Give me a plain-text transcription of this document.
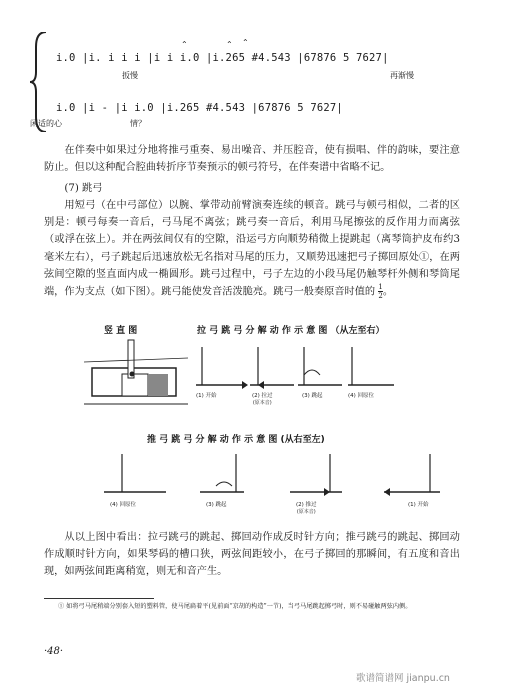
i.0 |i. i i i |i i i.0 |i.265 #4.543 |67876 5 7627|
⌃	⌃ ⌃
扳慢	再渐慢
i.0 |i - |i i.0 |i.265 #4.543 |67876 5 7627|
闲适的心	情？
在伴奏中如果过分地将推弓重奏、易出噪音、并压腔音，使有损唱、伴的韵味，要注意防止。但以这种配合腔曲转折序节奏预示的顿弓符号，在伴奏谱中省略不记。
(7) 跳弓
用短弓（在中弓部位）以腕、掌带动前臂演奏连续的顿音。跳弓与顿弓相似，二者的区别是：顿弓每奏一音后，弓马尾不离弦；跳弓奏一音后，利用马尾擦弦的反作用力而离弦（或浮在弦上）。并在两弦间仅有的空隙，沿运弓方向顺势稍微上提跳起（离琴筒护皮布约3毫米左右），弓子跳起后迅速放松无名指对马尾的压力，又顺势迅速把弓子掷回原处①，在两弦间空隙的竖直面内成一椭圆形。跳弓过程中，弓子左边的小段马尾仍触琴杆外侧和琴筒尾端，作为支点（如下图）。跳弓能使发音活泼脆亮。跳弓一般奏原音时值的 $\frac{1}{2}$ 。
竖 直 图	拉 弓 跳 弓 分 解 动 作 示 意 图 （从左至右）
(1) 开始	(2) 拉过
(原本音)
(3) 跳起	(4) 回原位
推 弓 跳 弓 分 解 动 作 示 意 图 (从右至左)
(4) 回原位	(3) 跳起	(2) 推过
(原本音)
(1) 开始
从以上图中看出：拉弓跳弓的跳起、掷回动作成反时针方向；推弓跳弓的跳起、掷回动作成顺时针方向，如果琴码的槽口狭，两弦间距较小，在弓子掷回的那瞬间，有五度和音出现，如两弦间距离稍宽，则无和音产生。
① 如将弓马尾稍端分别套入短的塑料管，使马尾扁着平(见前面“京胡的构造”一节)，当弓马尾跳起掷弓时，则不易碰触两弦内侧。
·48·
歌谱简谱网 jianpu.cn
